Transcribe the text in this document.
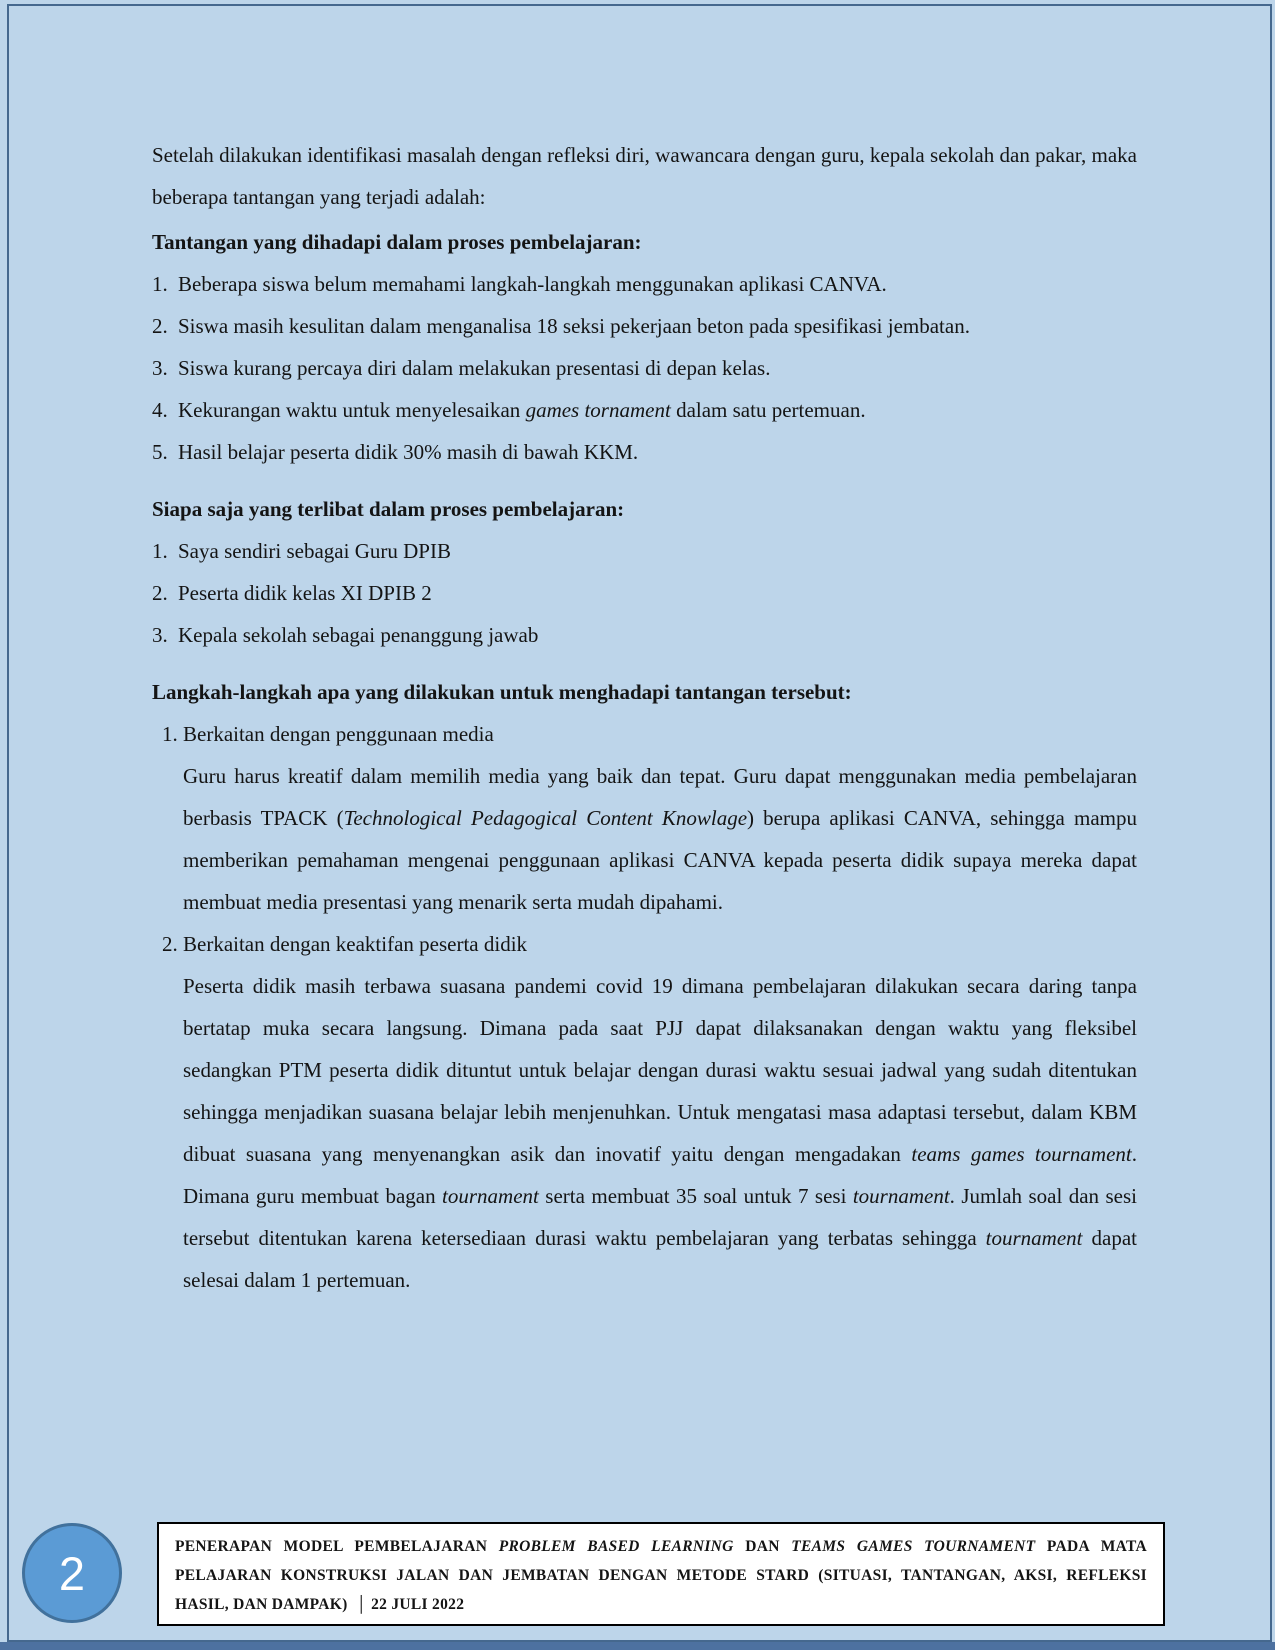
Setelah dilakukan identifikasi masalah dengan refleksi diri, wawancara dengan guru, kepala sekolah dan pakar, maka beberapa tantangan yang terjadi adalah:

Tantangan yang dihadapi dalam proses pembelajaran:
1. Beberapa siswa belum memahami langkah-langkah menggunakan aplikasi CANVA.
2. Siswa masih kesulitan dalam menganalisa 18 seksi pekerjaan beton pada spesifikasi jembatan.
3. Siswa kurang percaya diri dalam melakukan presentasi di depan kelas.
4. Kekurangan waktu untuk menyelesaikan games tornament dalam satu pertemuan.
5. Hasil belajar peserta didik 30% masih di bawah KKM.
Siapa saja yang terlibat dalam proses pembelajaran:
1. Saya sendiri sebagai Guru DPIB
2. Peserta didik kelas XI DPIB 2
3. Kepala sekolah sebagai penanggung jawab
Langkah-langkah apa yang dilakukan untuk menghadapi tantangan tersebut:
1. Berkaitan dengan penggunaan media
Guru harus kreatif dalam memilih media yang baik dan tepat. Guru dapat menggunakan media pembelajaran berbasis TPACK (Technological Pedagogical Content Knowlage) berupa aplikasi CANVA, sehingga mampu memberikan pemahaman mengenai penggunaan aplikasi CANVA kepada peserta didik supaya mereka dapat membuat media presentasi yang menarik serta mudah dipahami.
2. Berkaitan dengan keaktifan peserta didik
Peserta didik masih terbawa suasana pandemi covid 19 dimana pembelajaran dilakukan secara daring tanpa bertatap muka secara langsung. Dimana pada saat PJJ dapat dilaksanakan dengan waktu yang fleksibel sedangkan PTM peserta didik dituntut untuk belajar dengan durasi waktu sesuai jadwal yang sudah ditentukan sehingga menjadikan suasana belajar lebih menjenuhkan. Untuk mengatasi masa adaptasi tersebut, dalam KBM dibuat suasana yang menyenangkan asik dan inovatif yaitu dengan mengadakan teams games tournament. Dimana guru membuat bagan tournament serta membuat 35 soal untuk 7 sesi tournament. Jumlah soal dan sesi tersebut ditentukan karena ketersediaan durasi waktu pembelajaran yang terbatas sehingga tournament dapat selesai dalam 1 pertemuan.
2	PENERAPAN MODEL PEMBELAJARAN PROBLEM BASED LEARNING DAN TEAMS GAMES TOURNAMENT PADA MATA PELAJARAN KONSTRUKSI JALAN DAN JEMBATAN DENGAN METODE STARD (SITUASI, TANTANGAN, AKSI, REFLEKSI HASIL, DAN DAMPAK) │ 22 JULI 2022
